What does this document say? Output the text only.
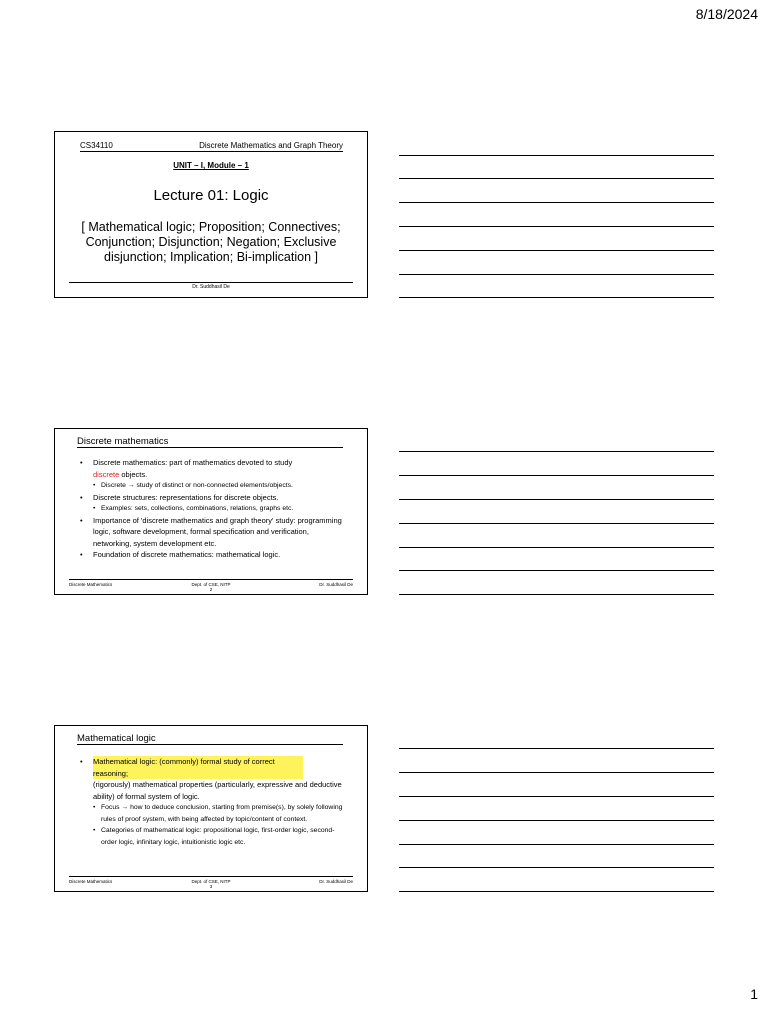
8/18/2024
CS34110	Discrete Mathematics and Graph Theory
UNIT – I, Module – 1
Lecture 01: Logic
[ Mathematical logic; Proposition; Connectives; Conjunction; Disjunction; Negation; Exclusive disjunction; Implication; Bi-implication ]
Dr. Suddhasil De
Discrete mathematics
• Discrete mathematics: part of mathematics devoted to study
discrete objects.
• Discrete → study of distinct or non-connected elements/objects.
• Discrete structures: representations for discrete objects.
• Examples: sets, collections, combinations, relations, graphs etc.
• Importance of 'discrete mathematics and graph theory' study: programming logic, software development, formal specification and verification, networking, system development etc.
• Foundation of discrete mathematics: mathematical logic.
Discrete Mathematics	Dept. of CSE, NITP
2
Dr. Suddhasil De
Mathematical logic
• Mathematical logic: (commonly) formal study of correct reasoning;
(rigorously) mathematical properties (particularly, expressive and deductive ability) of formal system of logic.
• Focus → how to deduce conclusion, starting from premise(s), by solely following rules of proof system, with being affected by topic/content of context.
• Categories of mathematical logic: propositional logic, first-order logic, second-order logic, infinitary logic, intuitionistic logic etc.
Discrete Mathematics	Dept. of CSE, NITP
3
Dr. Suddhasil De
1
